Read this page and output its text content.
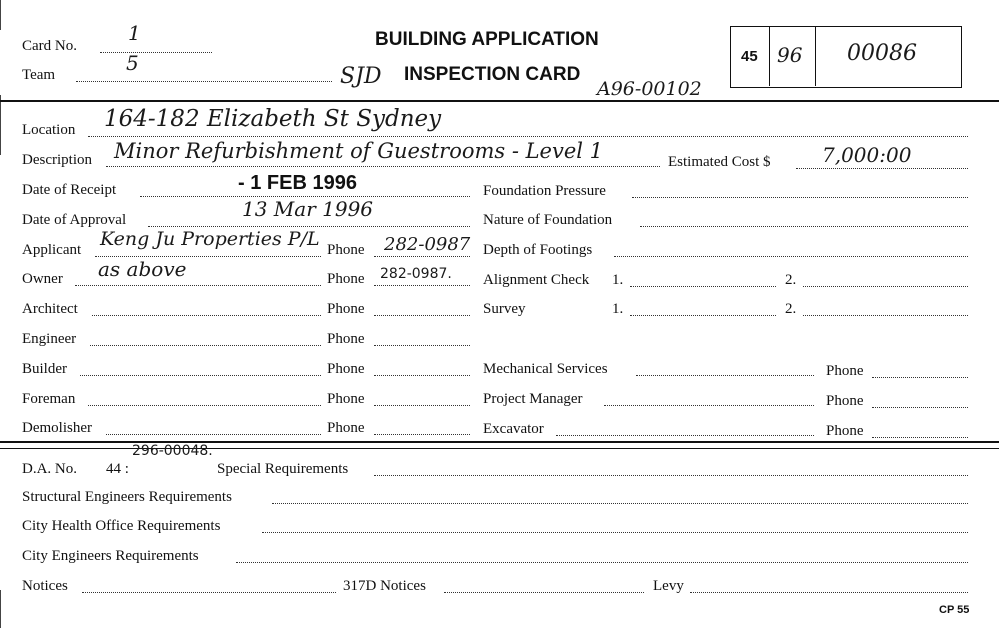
Card No.
1
Team	5
BUILDING APPLICATION
INSPECTION CARD
SJD	A96-00102
45 96 00086
Location 164-182 Elizabeth St Sydney
Description Minor Refurbishment of Guestrooms - Level 1	Estimated Cost $	7,000:00
Date of Receipt	- 1 FEB 1996
Date of Approval	13 Mar 1996
Applicant Keng Ju Properties P/L Phone 282-0987
Owner as above	Phone 282-0987.
Architect	Phone
Engineer	Phone
Builder	Phone
Foreman	Phone
Demolisher	Phone
Foundation Pressure
Nature of Foundation
Depth of Footings
Alignment Check 1.	2.
Survey	1.	2.
Mechanical Services	Phone
Project Manager	Phone
Excavator	Phone
296-00048.
D.A. No. 44 :	Special Requirements
Structural Engineers Requirements
City Health Office Requirements
City Engineers Requirements
Notices	317D Notices	Levy
CP 55
